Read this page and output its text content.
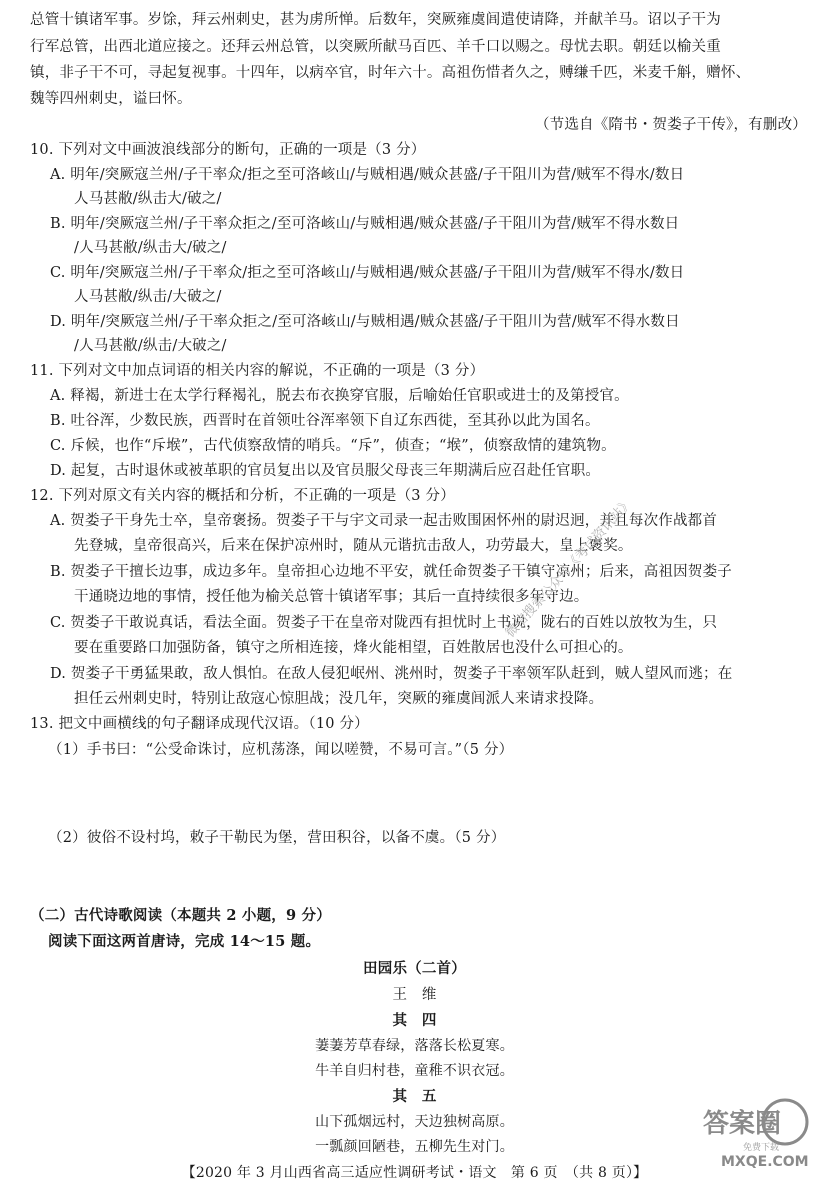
总管十镇诸军事。岁馀，拜云州刺史，甚为虏所惮。后数年，突厥雍虞闾遣使请降，并献羊马。诏以子干为
行军总管，出西北道应接之。还拜云州总管，以突厥所献马百匹、羊千口以赐之。母忧去职。朝廷以榆关重
镇，非子干不可，寻起复视事。十四年，以病卒官，时年六十。高祖伤惜者久之，赙缣千匹，米麦千斛，赠怀、
魏等四州刺史，谥曰怀。
（节选自《隋书・贺娄子干传》，有删改）
10. 下列对文中画波浪线部分的断句，正确的一项是（3 分）
A. 明年/突厥寇兰州/子干率众/拒之至可洛峐山/与贼相遇/贼众甚盛/子干阻川为营/贼军不得水/数日
人马甚敝/纵击大/破之/
B. 明年/突厥寇兰州/子干率众拒之/至可洛峐山/与贼相遇/贼众甚盛/子干阻川为营/贼军不得水数日
/人马甚敝/纵击大/破之/
C. 明年/突厥寇兰州/子干率众/拒之至可洛峐山/与贼相遇/贼众甚盛/子干阻川为营/贼军不得水/数日
人马甚敝/纵击/大破之/
D. 明年/突厥寇兰州/子干率众拒之/至可洛峐山/与贼相遇/贼众甚盛/子干阻川为营/贼军不得水数日
/人马甚敝/纵击/大破之/
11. 下列对文中加点词语的相关内容的解说，不正确的一项是（3 分）
A. 释褐，新进士在太学行释褐礼，脱去布衣换穿官服，后喻始任官职或进士的及第授官。
B. 吐谷浑，少数民族，西晋时在首领吐谷浑率领下自辽东西徙，至其孙以此为国名。
C. 斥候，也作“斥堠”，古代侦察敌情的哨兵。“斥”，侦查；“堠”，侦察敌情的建筑物。
D. 起复，古时退休或被革职的官员复出以及官员服父母丧三年期满后应召赴任官职。
12. 下列对原文有关内容的概括和分析，不正确的一项是（3 分）
A. 贺娄子干身先士卒，皇帝褒扬。贺娄子干与宇文司录一起击败围困怀州的尉迟迥，并且每次作战都首
先登城，皇帝很高兴，后来在保护凉州时，随从元谐抗击敌人，功劳最大，皇上褒奖。
B. 贺娄子干擅长边事，成边多年。皇帝担心边地不平安，就任命贺娄子干镇守凉州；后来，高祖因贺娄子
干通晓边地的事情，授任他为榆关总管十镇诸军事；其后一直持续很多年守边。
C. 贺娄子干敢说真话，看法全面。贺娄子干在皇帝对陇西有担忧时上书说，陇右的百姓以放牧为生，只
要在重要路口加强防备，镇守之所相连接，烽火能相望，百姓散居也没什么可担心的。
D. 贺娄子干勇猛果敢，敌人惧怕。在敌人侵犯岷州、洮州时，贺娄子干率领军队赶到，贼人望风而逃；在
担任云州刺史时，特别让敌寇心惊胆战；没几年，突厥的雍虞闾派人来请求投降。
13. 把文中画横线的句子翻译成现代汉语。（10 分）
（1）手书曰：“公受命诛讨，应机荡涤，闻以嗟赞，不易可言。”（5 分）
（2）彼俗不设村坞，敕子干勒民为堡，营田积谷，以备不虞。（5 分）
（二）古代诗歌阅读（本题共 2 小题，9 分）
阅读下面这两首唐诗，完成 14～15 题。
田园乐（二首）
王　维
其　四
萋萋芳草春绿，落落长松夏寒。
牛羊自归村巷，童稚不识衣冠。
其　五
山下孤烟远村，天边独树高原。
一瓢颜回陋巷，五柳先生对门。
【2020 年 3 月山西省高三适应性调研考试・语文　第 6 页　（共 8 页）】
微信搜索公众号《考试资讯站》
答案圈
免费下载
MXQE.COM
